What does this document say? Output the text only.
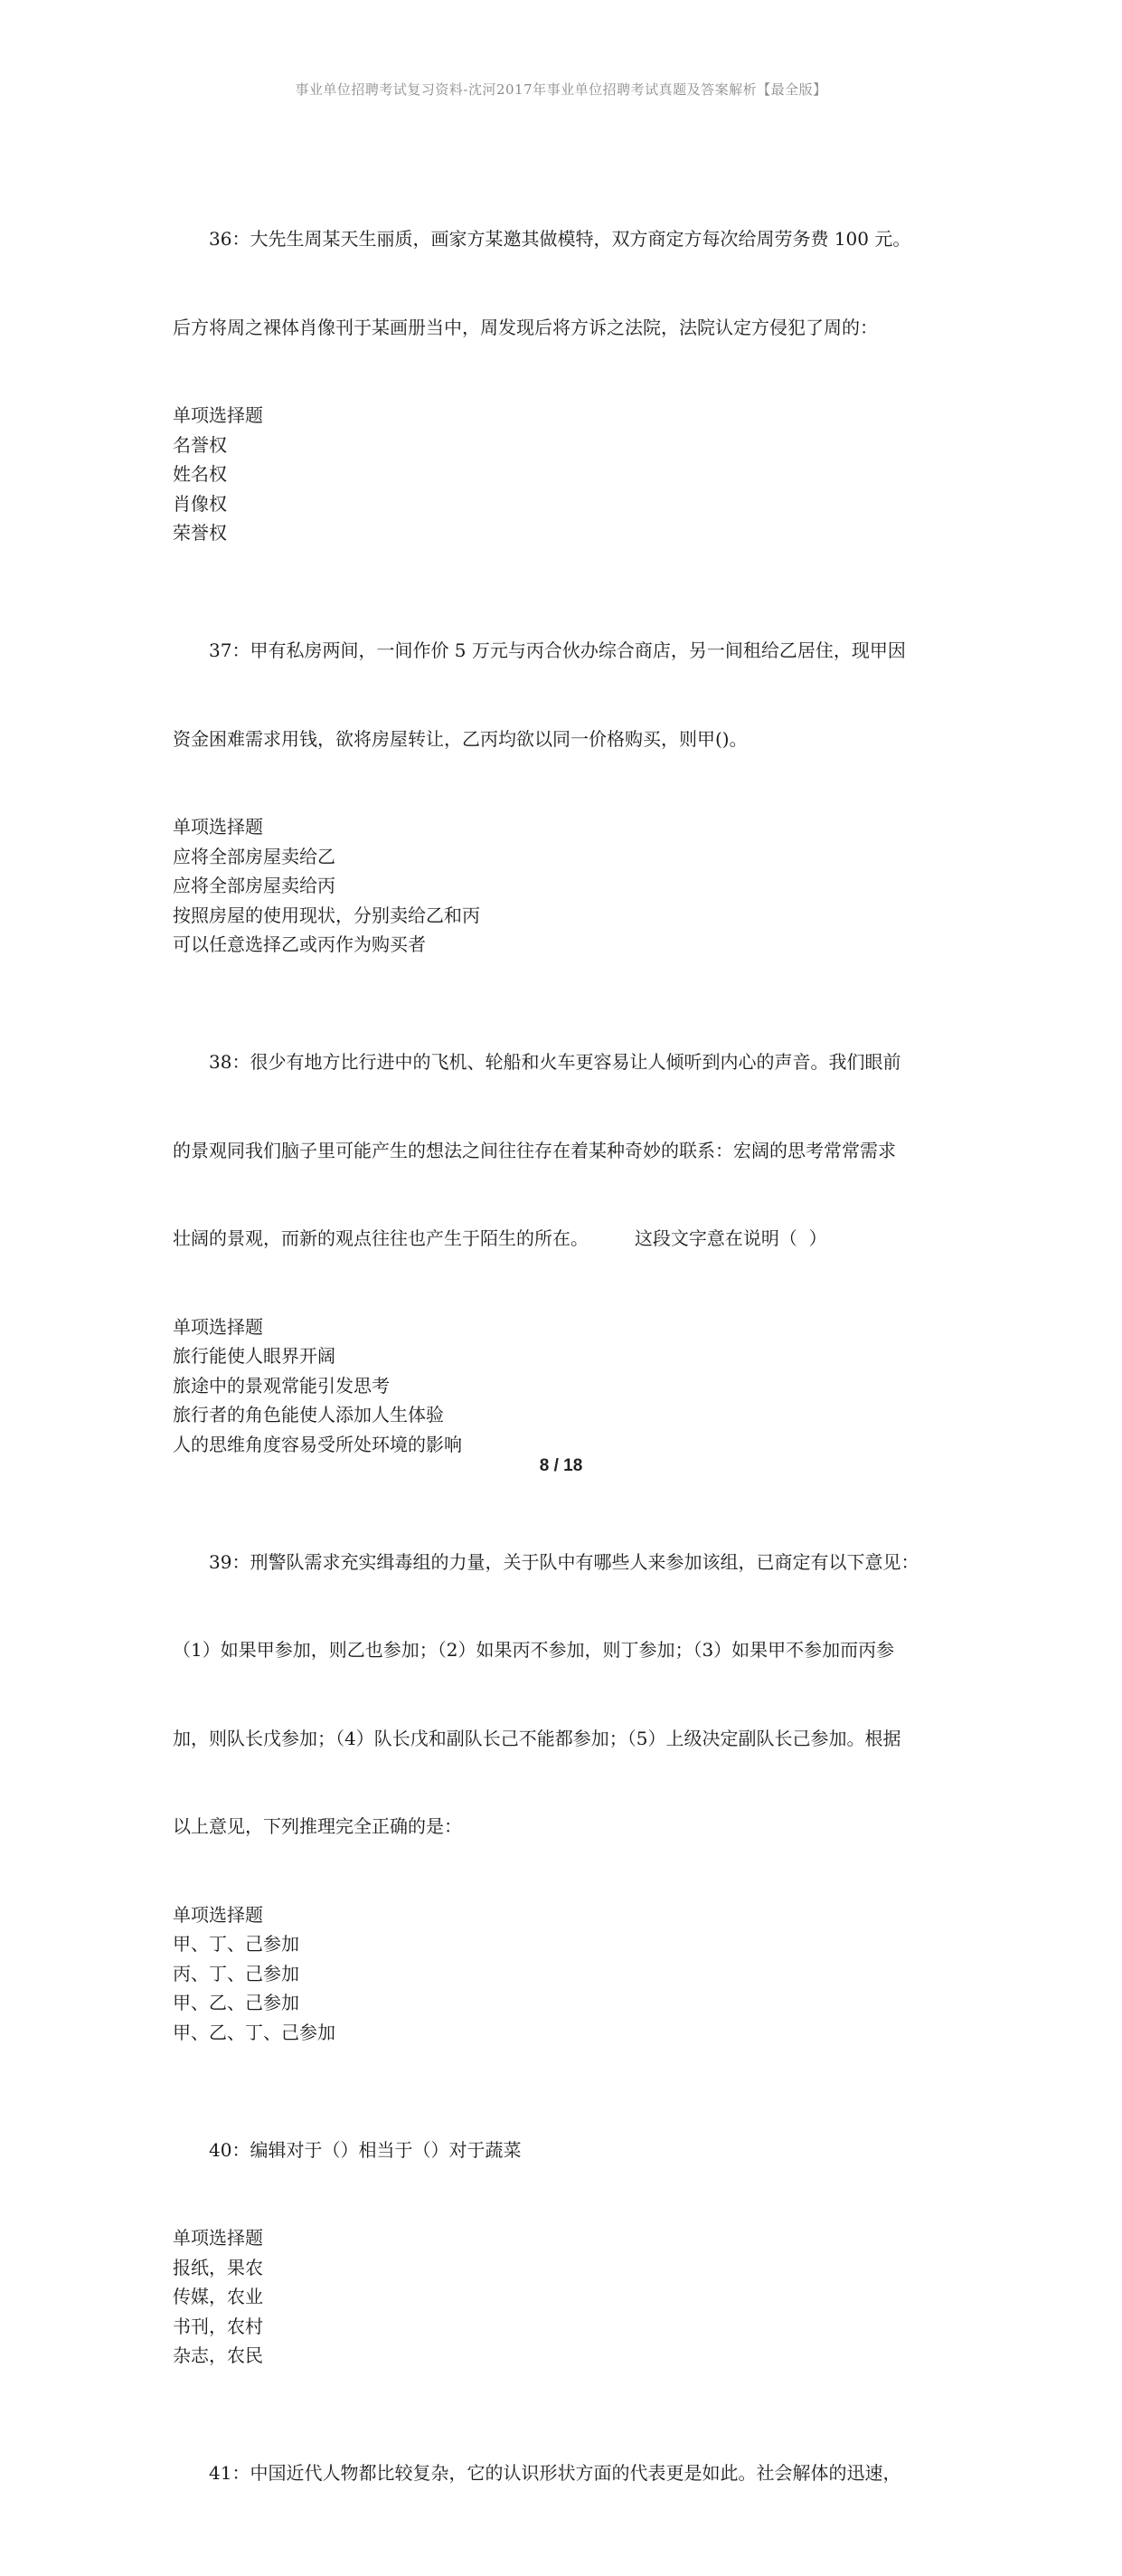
事业单位招聘考试复习资料-沈河2017年事业单位招聘考试真题及答案解析【最全版】

36：大先生周某天生丽质，画家方某邀其做模特，双方商定方每次给周劳务费 100 元。

后方将周之裸体肖像刊于某画册当中，周发现后将方诉之法院，法院认定方侵犯了周的：

单项选择题
名誉权
姓名权
肖像权
荣誉权

37：甲有私房两间，一间作价 5 万元与丙合伙办综合商店，另一间租给乙居住，现甲因

资金困难需求用钱，欲将房屋转让，乙丙均欲以同一价格购买，则甲()。

单项选择题
应将全部房屋卖给乙
应将全部房屋卖给丙
按照房屋的使用现状，分别卖给乙和丙
可以任意选择乙或丙作为购买者

38：很少有地方比行进中的飞机、轮船和火车更容易让人倾听到内心的声音。我们眼前

的景观同我们脑子里可能产生的想法之间往往存在着某种奇妙的联系：宏阔的思考常常需求

壮阔的景观，而新的观点往往也产生于陌生的所在。        这段文字意在说明（  ）

单项选择题
旅行能使人眼界开阔
旅途中的景观常能引发思考
旅行者的角色能使人添加人生体验
人的思维角度容易受所处环境的影响

39：刑警队需求充实缉毒组的力量，关于队中有哪些人来参加该组，已商定有以下意见：

（1）如果甲参加，则乙也参加；（2）如果丙不参加，则丁参加；（3）如果甲不参加而丙参

加，则队长戊参加；（4）队长戊和副队长己不能都参加；（5）上级决定副队长己参加。根据

以上意见，下列推理完全正确的是：

单项选择题
甲、丁、己参加
丙、丁、己参加
甲、乙、己参加
甲、乙、丁、己参加

40：编辑对于（）相当于（）对于蔬菜

单项选择题
报纸，果农
传媒，农业
书刊，农村
杂志，农民

41：中国近代人物都比较复杂，它的认识形状方面的代表更是如此。社会解体的迅速，

8 / 18
